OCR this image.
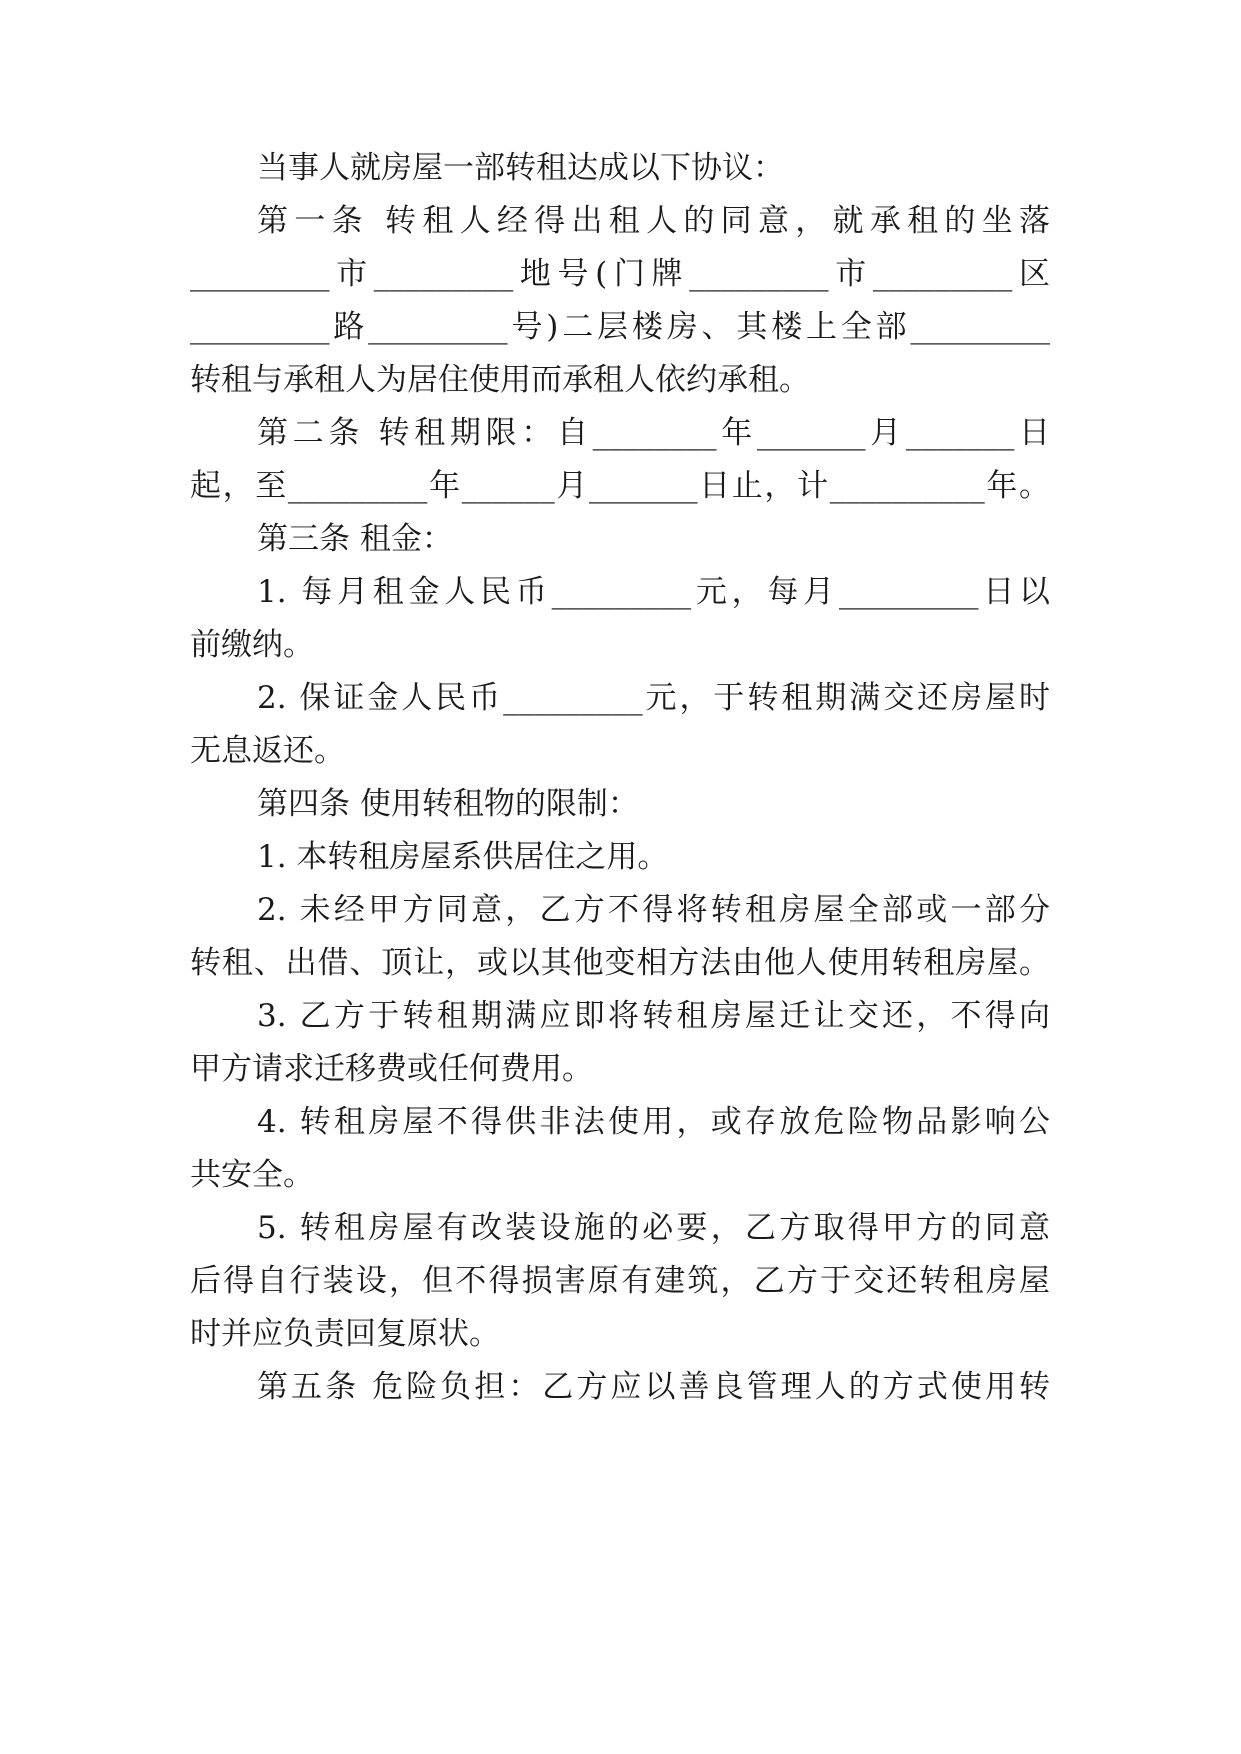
当事人就房屋一部转租达成以下协议：
第一条 转租人经得出租人的同意，就承租的坐落
_________市_________地号(门牌_________市_________区
_________路_________号)二层楼房、其楼上全部_________
转租与承租人为居住使用而承租人依约承租。
第二条 转租期限：自________年_______月_______日
起，至_________年______月_______日止，计__________年。
第三条 租金：
1. 每月租金人民币_________元，每月_________日以
前缴纳。
2. 保证金人民币_________元，于转租期满交还房屋时
无息返还。
第四条 使用转租物的限制：
1. 本转租房屋系供居住之用。
2. 未经甲方同意，乙方不得将转租房屋全部或一部分
转租、出借、顶让，或以其他变相方法由他人使用转租房屋。
3. 乙方于转租期满应即将转租房屋迁让交还，不得向
甲方请求迁移费或任何费用。
4. 转租房屋不得供非法使用，或存放危险物品影响公
共安全。
5. 转租房屋有改装设施的必要，乙方取得甲方的同意
后得自行装设，但不得损害原有建筑，乙方于交还转租房屋
时并应负责回复原状。
第五条 危险负担：乙方应以善良管理人的方式使用转
